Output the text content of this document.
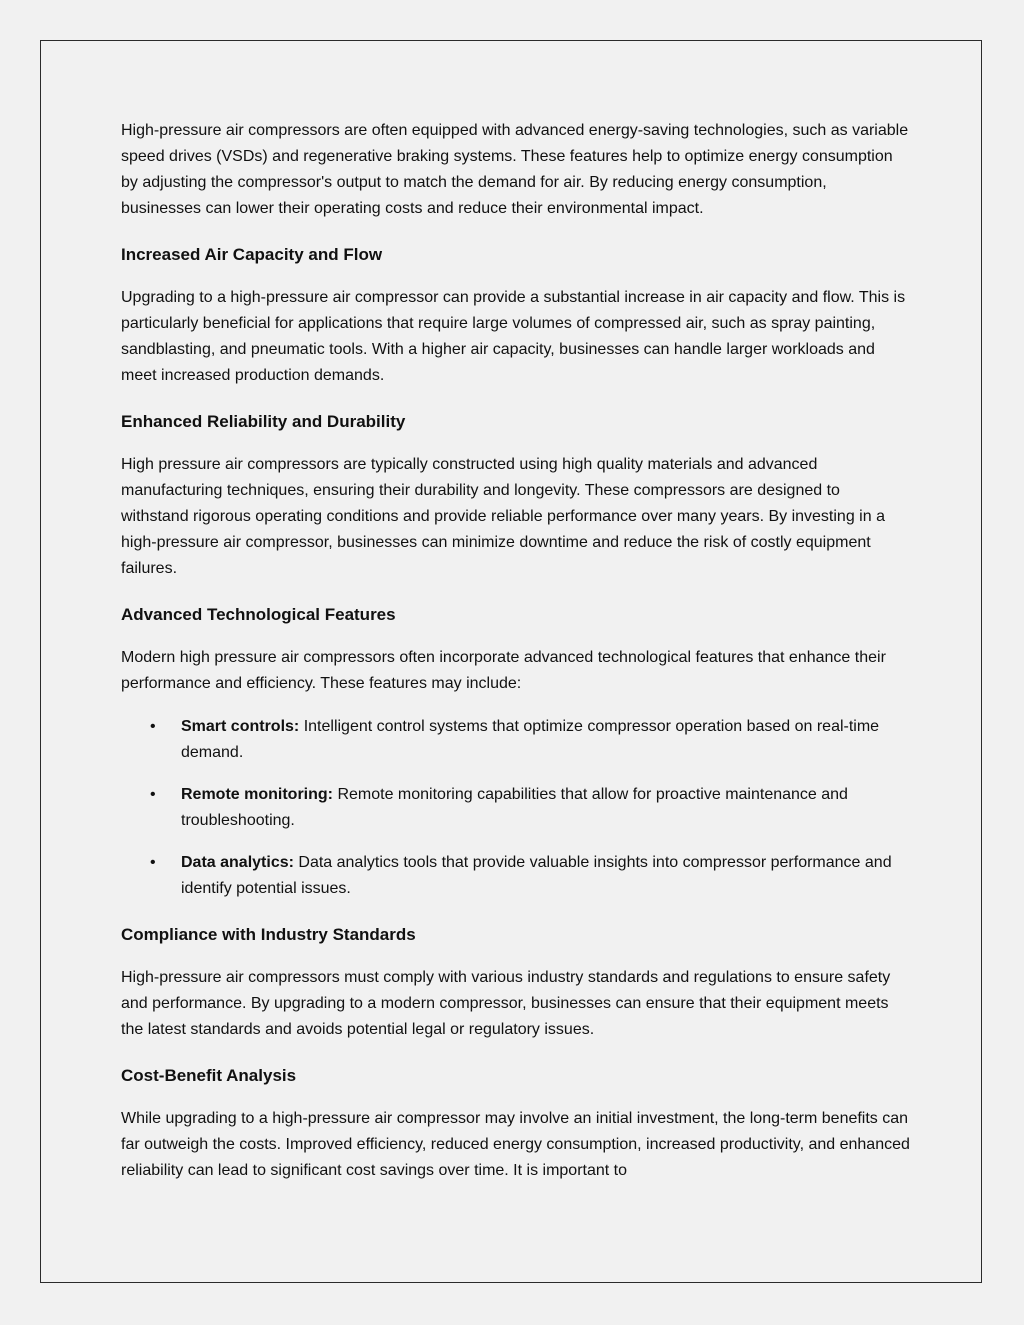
High-pressure air compressors are often equipped with advanced energy-saving technologies, such as variable speed drives (VSDs) and regenerative braking systems. These features help to optimize energy consumption by adjusting the compressor's output to match the demand for air. By reducing energy consumption, businesses can lower their operating costs and reduce their environmental impact.

Increased Air Capacity and Flow

Upgrading to a high-pressure air compressor can provide a substantial increase in air capacity and flow. This is particularly beneficial for applications that require large volumes of compressed air, such as spray painting, sandblasting, and pneumatic tools. With a higher air capacity, businesses can handle larger workloads and meet increased production demands.

Enhanced Reliability and Durability

High pressure air compressors are typically constructed using high quality materials and advanced manufacturing techniques, ensuring their durability and longevity. These compressors are designed to withstand rigorous operating conditions and provide reliable performance over many years. By investing in a high-pressure air compressor, businesses can minimize downtime and reduce the risk of costly equipment failures.

Advanced Technological Features

Modern high pressure air compressors often incorporate advanced technological features that enhance their performance and efficiency. These features may include:

• Smart controls: Intelligent control systems that optimize compressor operation based on real-time demand.
• Remote monitoring: Remote monitoring capabilities that allow for proactive maintenance and troubleshooting.
• Data analytics: Data analytics tools that provide valuable insights into compressor performance and identify potential issues.
Compliance with Industry Standards

High-pressure air compressors must comply with various industry standards and regulations to ensure safety and performance. By upgrading to a modern compressor, businesses can ensure that their equipment meets the latest standards and avoids potential legal or regulatory issues.

Cost-Benefit Analysis

While upgrading to a high-pressure air compressor may involve an initial investment, the long-term benefits can far outweigh the costs. Improved efficiency, reduced energy consumption, increased productivity, and enhanced reliability can lead to significant cost savings over time. It is important to
